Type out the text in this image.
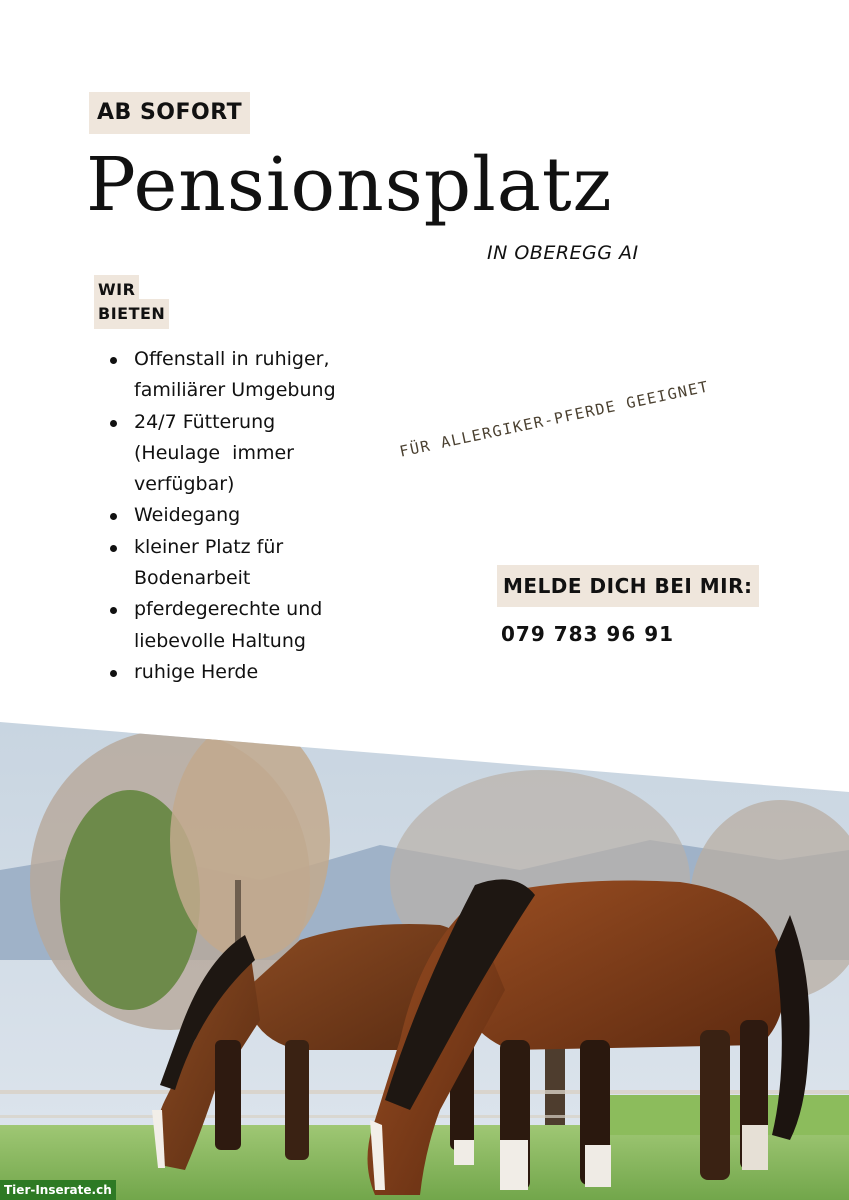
AB SOFORT
Pensionsplatz
IN OBEREGG AI
WIR
BIETEN
Offenstall in ruhiger,
familiärer Umgebung
24/7 Fütterung
(Heulage  immer
verfügbar)
Weidegang
kleiner Platz für
Bodenarbeit
pferdegerechte und
liebevolle Haltung
ruhige Herde
FÜR ALLERGIKER-PFERDE GEEIGNET
MELDE DICH BEI MIR:
079 783 96 91
Tier-Inserate.ch
